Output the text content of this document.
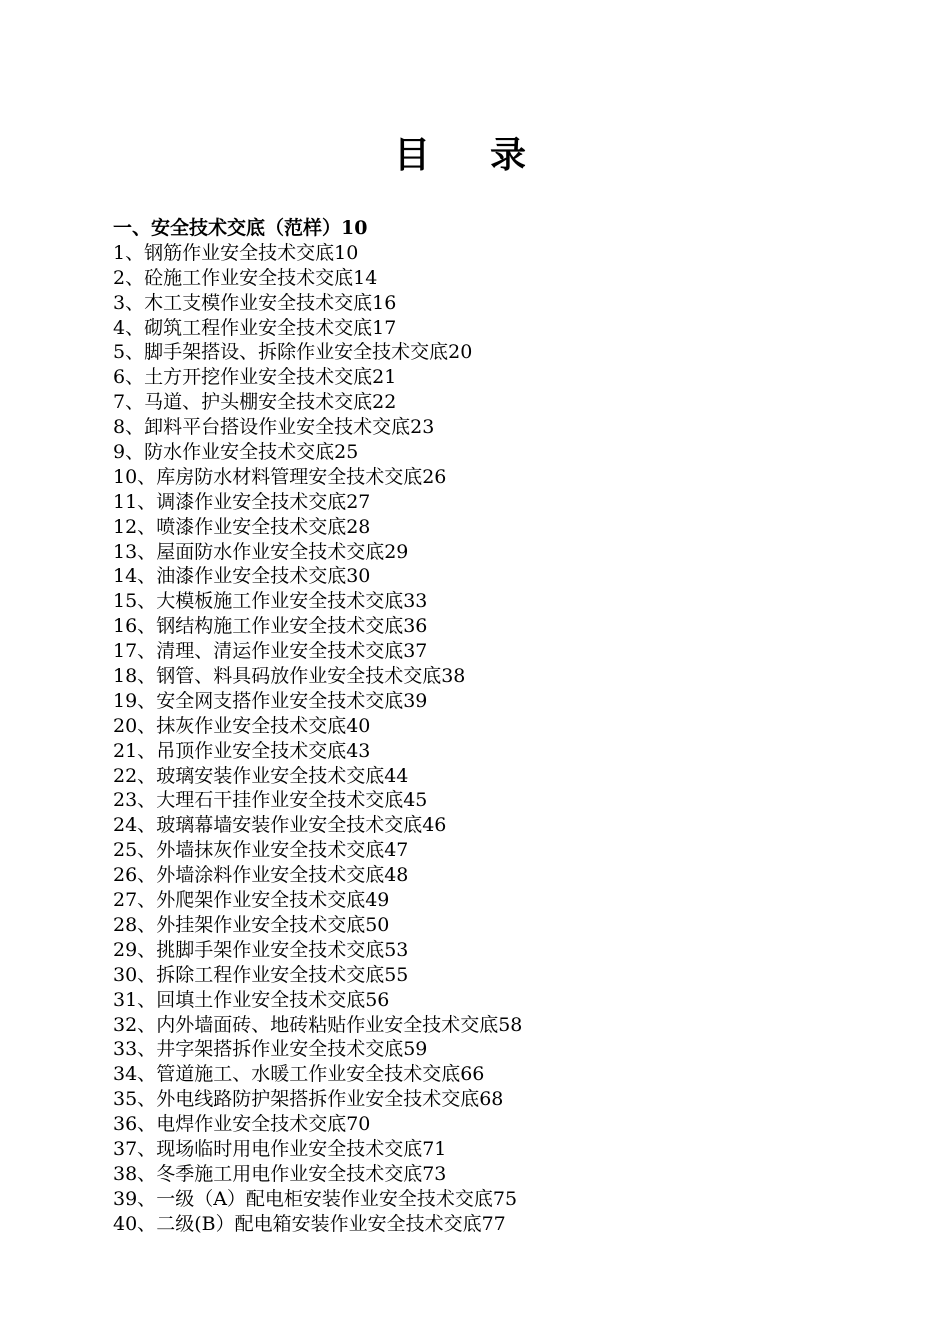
目录
一、安全技术交底（范样）10
1、钢筋作业安全技术交底10
2、砼施工作业安全技术交底14
3、木工支模作业安全技术交底16
4、砌筑工程作业安全技术交底17
5、脚手架搭设、拆除作业安全技术交底20
6、土方开挖作业安全技术交底21
7、马道、护头棚安全技术交底22
8、卸料平台搭设作业安全技术交底23
9、防水作业安全技术交底25
10、库房防水材料管理安全技术交底26
11、调漆作业安全技术交底27
12、喷漆作业安全技术交底28
13、屋面防水作业安全技术交底29
14、油漆作业安全技术交底30
15、大模板施工作业安全技术交底33
16、钢结构施工作业安全技术交底36
17、清理、清运作业安全技术交底37
18、钢管、料具码放作业安全技术交底38
19、安全网支搭作业安全技术交底39
20、抹灰作业安全技术交底40
21、吊顶作业安全技术交底43
22、玻璃安装作业安全技术交底44
23、大理石干挂作业安全技术交底45
24、玻璃幕墙安装作业安全技术交底46
25、外墙抹灰作业安全技术交底47
26、外墙涂料作业安全技术交底48
27、外爬架作业安全技术交底49
28、外挂架作业安全技术交底50
29、挑脚手架作业安全技术交底53
30、拆除工程作业安全技术交底55
31、回填土作业安全技术交底56
32、内外墙面砖、地砖粘贴作业安全技术交底58
33、井字架搭拆作业安全技术交底59
34、管道施工、水暖工作业安全技术交底66
35、外电线路防护架搭拆作业安全技术交底68
36、电焊作业安全技术交底70
37、现场临时用电作业安全技术交底71
38、冬季施工用电作业安全技术交底73
39、一级（A）配电柜安装作业安全技术交底75
40、二级(B）配电箱安装作业安全技术交底77
